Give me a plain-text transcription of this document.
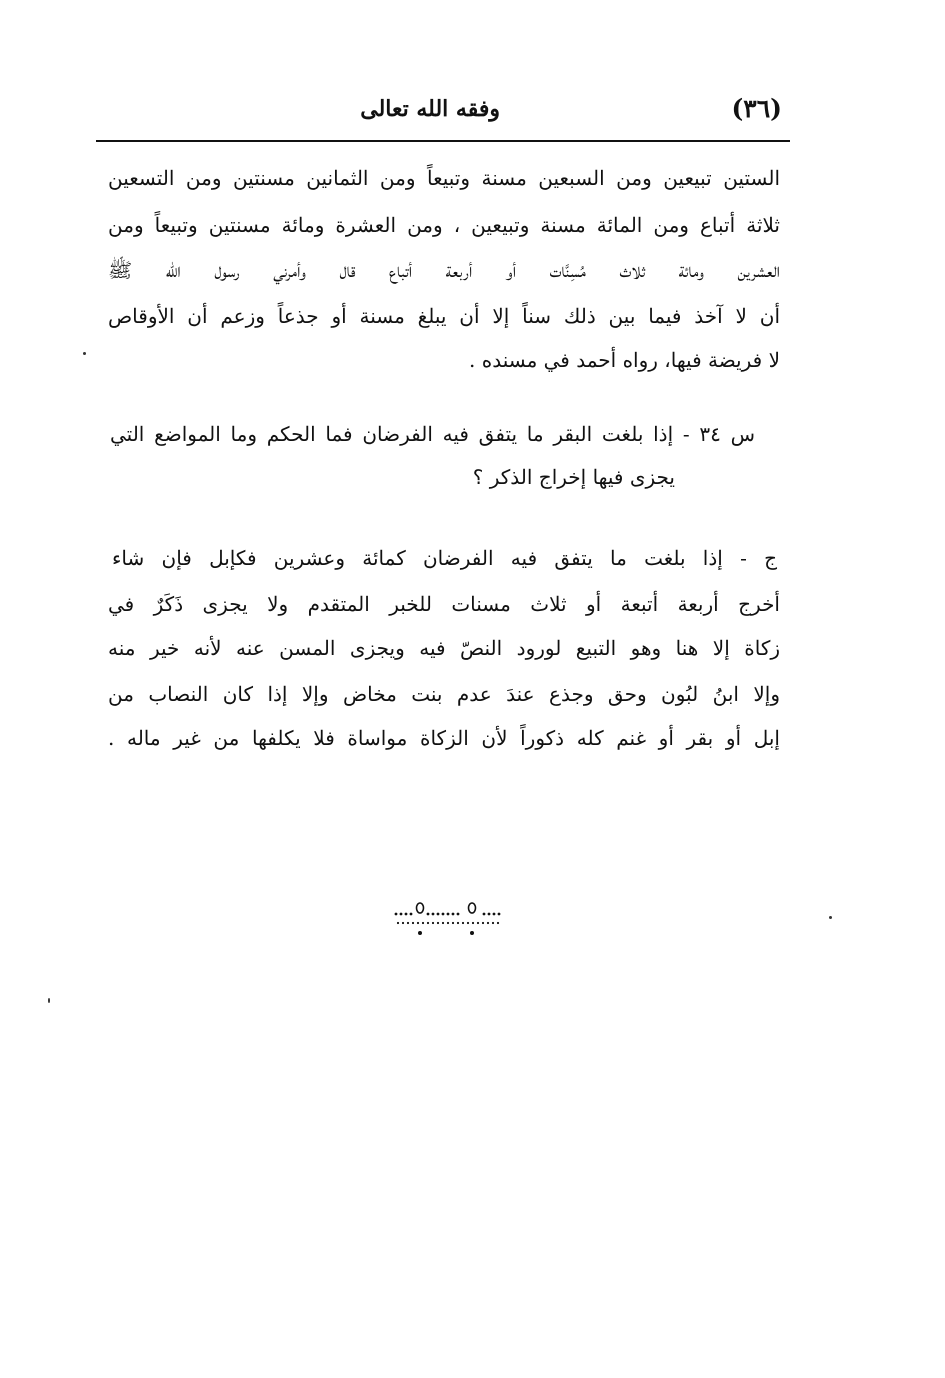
(٣٦)
وفقه الله تعالى
الستين تبيعين ومن السبعين مسنة وتبيعاً ومن الثمانين مسنتين ومن التسعين
ثلاثة أتباع ومن المائة مسنة وتبيعين ، ومن العشرة ومائة مسنتين وتبيعاً ومن
العشرين ومائة ثلاث مُسِنَّات أو أربعة أتباع قال وأمرني رسول الله ﷺ
أن لا آخذ فيما بين ذلك سناً إلا أن يبلغ مسنة أو جذعاً وزعم أن الأوقاص
لا فريضة فيها، رواه أحمد في مسنده .
س ٣٤ - إذا بلغت البقر ما يتفق فيه الفرضان فما الحكم وما المواضع التي
يجزى فيها إخراج الذكر ؟
ج - إذا بلغت ما يتفق فيه الفرضان كمائة وعشرين فكإبل فإن شاء
أخرج أربعة أتبعة أو ثلاث مسنات للخبر المتقدم ولا يجزى ذَكَرٌ في
زكاة إلا هنا وهو التبيع لورود النصّ فيه ويجزى المسن عنه لأنه خير منه
وإلا ابنُ لبُون وحق وجذع عندَ عدم بنت مخاض وإلا إذا كان النصاب من
إبل أو بقر أو غنم كله ذكوراً لأن الزكاة مواساة فلا يكلفها من غير ماله .
